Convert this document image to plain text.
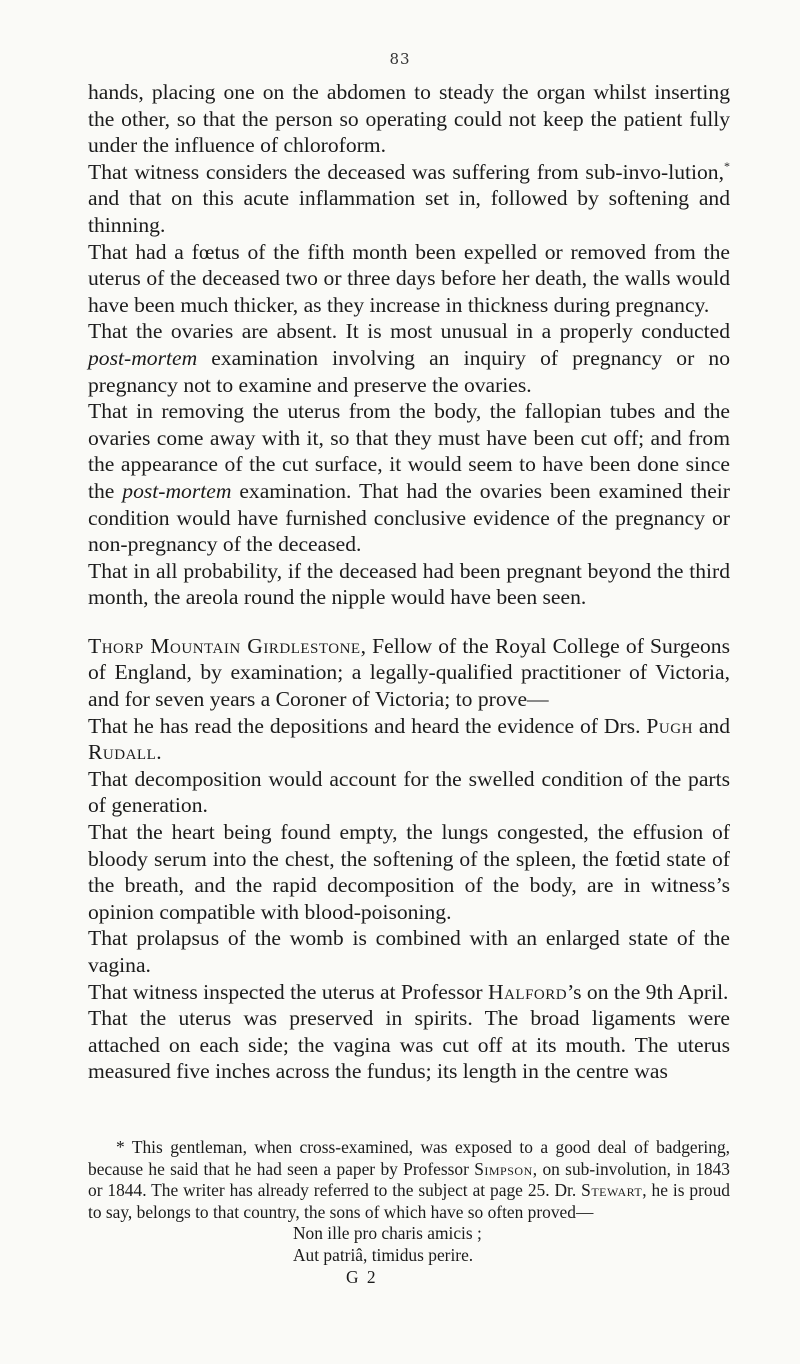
83

hands, placing one on the abdomen to steady the organ whilst inserting the other, so that the person so operating could not keep the patient fully under the influence of chloroform.

That witness considers the deceased was suffering from sub-invo-lution,* and that on this acute inflammation set in, followed by softening and thinning.

That had a fœtus of the fifth month been expelled or removed from the uterus of the deceased two or three days before her death, the walls would have been much thicker, as they increase in thickness during pregnancy.

That the ovaries are absent. It is most unusual in a properly conducted post-mortem examination involving an inquiry of pregnancy or no pregnancy not to examine and preserve the ovaries.

That in removing the uterus from the body, the fallopian tubes and the ovaries come away with it, so that they must have been cut off; and from the appearance of the cut surface, it would seem to have been done since the post-mortem examination. That had the ovaries been examined their condition would have furnished conclusive evidence of the pregnancy or non-pregnancy of the deceased.

That in all probability, if the deceased had been pregnant beyond the third month, the areola round the nipple would have been seen.

Thorp Mountain Girdlestone, Fellow of the Royal College of Surgeons of England, by examination; a legally-qualified practitioner of Victoria, and for seven years a Coroner of Victoria; to prove—

That he has read the depositions and heard the evidence of Drs. Pugh and Rudall.

That decomposition would account for the swelled condition of the parts of generation.

That the heart being found empty, the lungs congested, the effusion of bloody serum into the chest, the softening of the spleen, the fœtid state of the breath, and the rapid decomposition of the body, are in witness’s opinion compatible with blood-poisoning.

That prolapsus of the womb is combined with an enlarged state of the vagina.

That witness inspected the uterus at Professor Halford’s on the 9th April.

That the uterus was preserved in spirits. The broad ligaments were attached on each side; the vagina was cut off at its mouth. The uterus measured five inches across the fundus; its length in the centre was

* This gentleman, when cross-examined, was exposed to a good deal of badgering, because he said that he had seen a paper by Professor Simpson, on sub-involution, in 1843 or 1844. The writer has already referred to the subject at page 25. Dr. Stewart, he is proud to say, belongs to that country, the sons of which have so often proved—

Non ille pro charis amicis ;
Aut patriâ, timidus perire.
G 2
